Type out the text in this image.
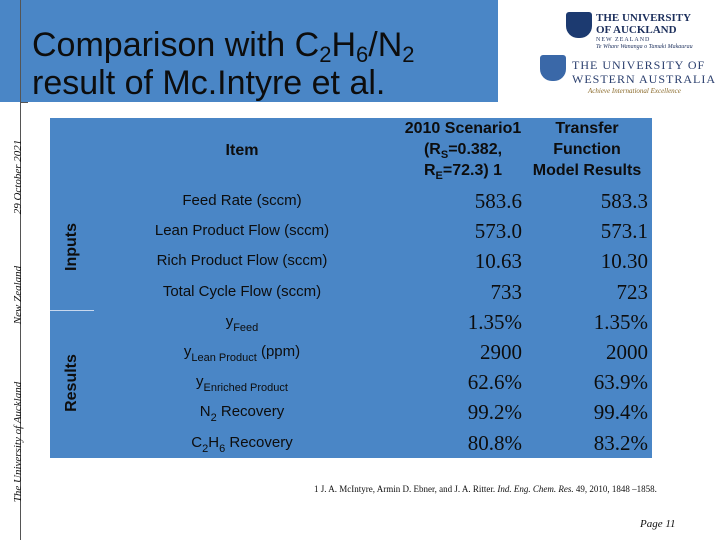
Comparison with $C_2H_6/N_2$
result of Mc.Intyre et al.
THE UNIVERSITY
OF AUCKLAND
NEW ZEALAND
Te Whare Wananga o Tamaki Makaurau
THE UNIVERSITY OF
WESTERN AUSTRALIA
Achieve International Excellence
29 October 2021
New Zealand
The University of Auckland
Item
2010 Scenario1
($R_S=0.382$,
$R_E=72.3$) 1
Transfer
Function
Model Results
Inputs
Results
Feed Rate (sccm)	583.6	583.3
Lean Product Flow (sccm)	573.0	573.1
Rich Product Flow (sccm)	10.63	10.30
Total Cycle Flow (sccm)	733	723
$y_{Feed}$	1.35%	1.35%
$y_{Lean Product}$ (ppm)	2900	2000
$y_{Enriched Product}$	62.6%	63.9%
$N_2$ Recovery	99.2%	99.4%
$C_2H_6$ Recovery	80.8%	83.2%
1 J. A. McIntyre, Armin D. Ebner, and J. A. Ritter. Ind. Eng. Chem. Res. 49, 2010, 1848 –1858.
Page 11
